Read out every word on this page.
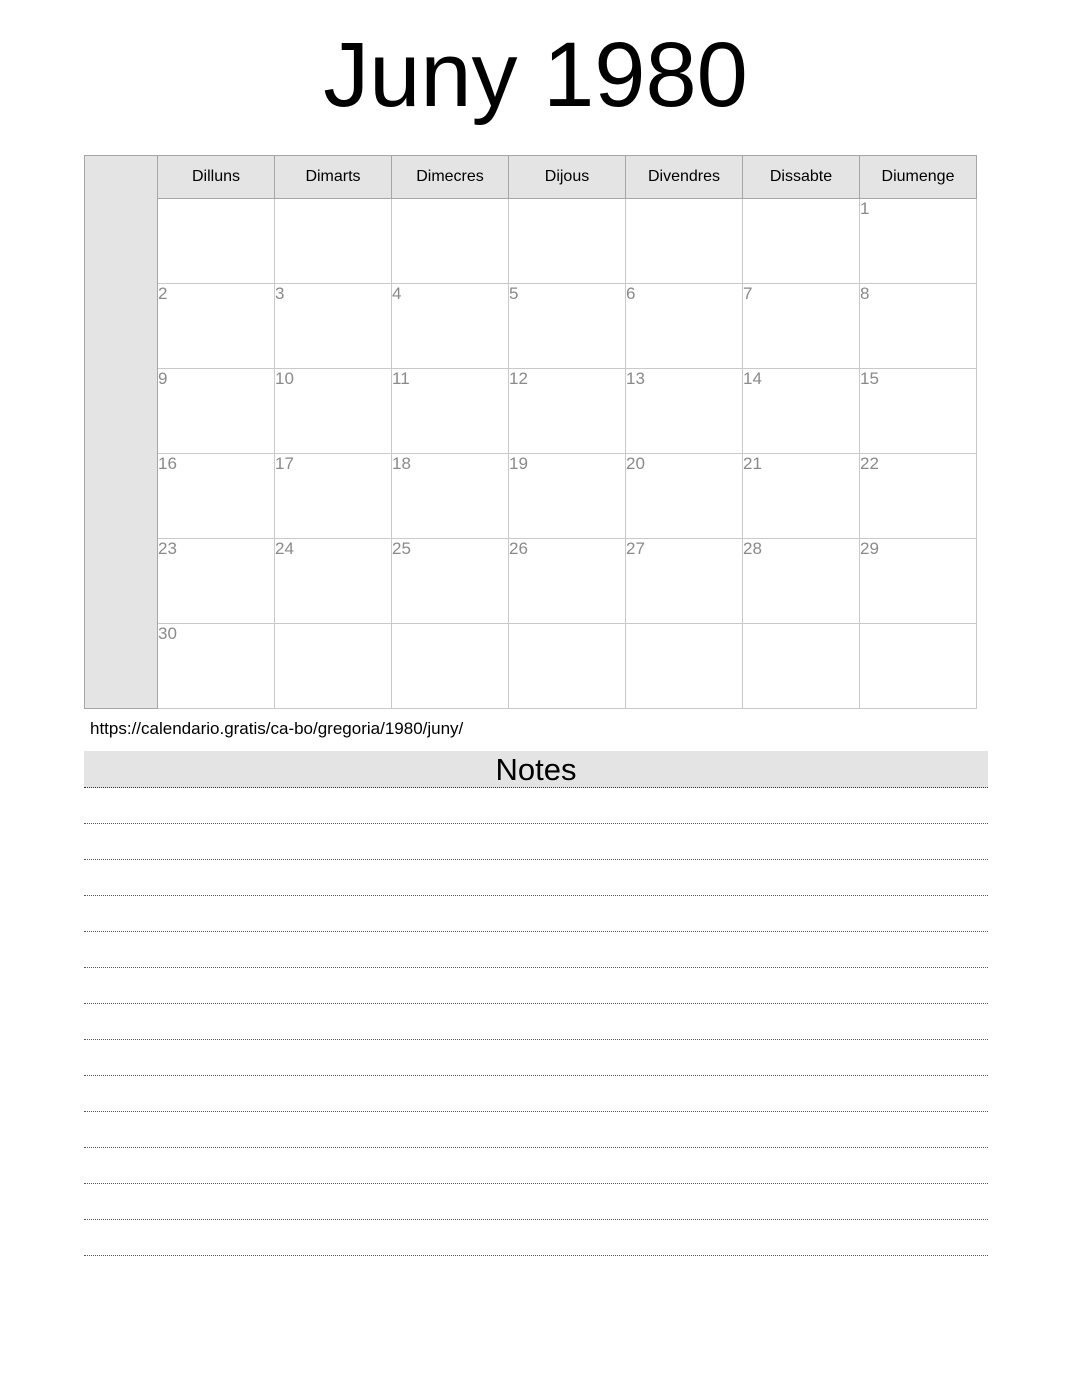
Juny 1980
	Dilluns	Dimarts	Dimecres	Dijous	Divendres	Dissabte	Diumenge
							1
	2	3	4	5	6	7	8
	9	10	11	12	13	14	15
	16	17	18	19	20	21	22
	23	24	25	26	27	28	29
	30						
https://calendario.gratis/ca-bo/gregoria/1980/juny/
Notes
